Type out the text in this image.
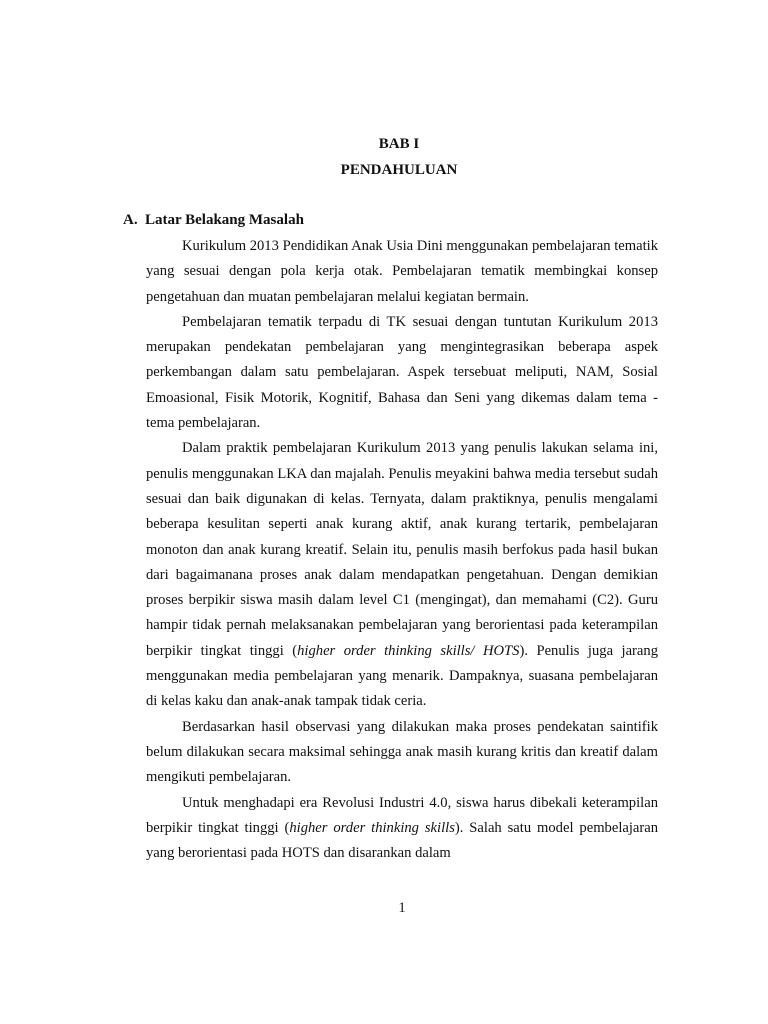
BAB I
PENDAHULUAN
A. Latar Belakang Masalah

Kurikulum 2013 Pendidikan Anak Usia Dini menggunakan pembelajaran tematik yang sesuai dengan pola kerja otak. Pembelajaran tematik membingkai konsep pengetahuan dan muatan pembelajaran melalui kegiatan bermain.

Pembelajaran tematik terpadu di TK sesuai dengan tuntutan Kurikulum 2013 merupakan pendekatan pembelajaran yang mengintegrasikan beberapa aspek perkembangan dalam satu pembelajaran. Aspek tersebuat meliputi, NAM, Sosial Emoasional, Fisik Motorik, Kognitif, Bahasa dan Seni yang dikemas dalam tema - tema pembelajaran.

Dalam praktik pembelajaran Kurikulum 2013 yang penulis lakukan selama ini, penulis menggunakan LKA dan majalah. Penulis meyakini bahwa media tersebut sudah sesuai dan baik digunakan di kelas. Ternyata, dalam praktiknya, penulis mengalami beberapa kesulitan seperti anak kurang aktif, anak kurang tertarik, pembelajaran monoton dan anak kurang kreatif. Selain itu, penulis masih berfokus pada hasil bukan dari bagaimanana proses anak dalam mendapatkan pengetahuan. Dengan demikian proses berpikir siswa masih dalam level C1 (mengingat), dan memahami (C2). Guru hampir tidak pernah melaksanakan pembelajaran yang berorientasi pada keterampilan berpikir tingkat tinggi (higher order thinking skills/ HOTS). Penulis juga jarang menggunakan media pembelajaran yang menarik. Dampaknya, suasana pembelajaran di kelas kaku dan anak-anak tampak tidak ceria.

Berdasarkan hasil observasi yang dilakukan maka proses pendekatan saintifik belum dilakukan secara maksimal sehingga anak masih kurang kritis dan kreatif dalam mengikuti pembelajaran.

Untuk menghadapi era Revolusi Industri 4.0, siswa harus dibekali keterampilan berpikir tingkat tinggi (higher order thinking skills). Salah satu model pembelajaran yang berorientasi pada HOTS dan disarankan dalam

1
